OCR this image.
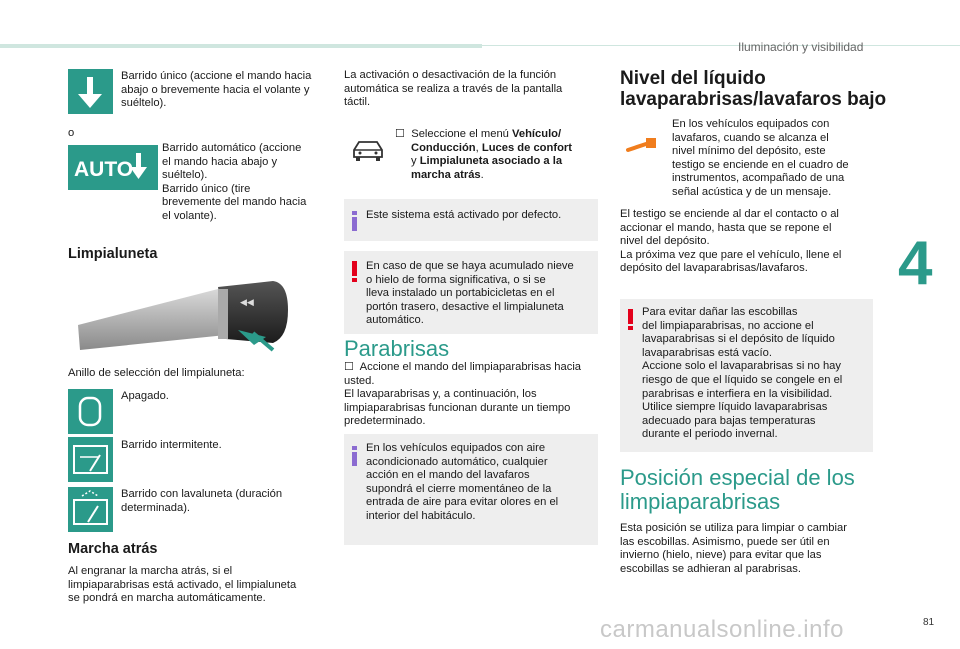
Iluminación y visibilidad
Barrido único (accione el mando hacia abajo o brevemente hacia el volante y suéltelo).
o
AUTO
Barrido automático (accione
el mando hacia abajo y
suéltelo).
Barrido único (tire
brevemente del mando hacia
el volante).
Limpialuneta
◀◀
Anillo de selección del limpialuneta:
Apagado.
Barrido intermitente.
Barrido con lavaluneta (duración determinada).
Marcha atrás
Al engranar la marcha atrás, si el
limpiaparabrisas está activado, el limpialuneta
se pondrá en marcha automáticamente.
La activación o desactivación de la función
automática se realiza a través de la pantalla
táctil.
☐  Seleccione el menú Vehículo/
Conducción, Luces de confort
y Limpialuneta asociado a la
marcha atrás.
Este sistema está activado por defecto.
En caso de que se haya acumulado nieve
o hielo de forma significativa, o si se
lleva instalado un portabicicletas en el
portón trasero, desactive el limpialuneta
automático.
Parabrisas
☐  Accione el mando del limpiaparabrisas hacia usted.
El lavaparabrisas y, a continuación, los
limpiaparabrisas funcionan durante un tiempo
predeterminado.
En los vehículos equipados con aire
acondicionado automático, cualquier
acción en el mando del lavafaros
supondrá el cierre momentáneo de la
entrada de aire para evitar olores en el
interior del habitáculo.
Nivel del líquido
lavaparabrisas/lavafaros bajo
En los vehículos equipados con
lavafaros, cuando se alcanza el
nivel mínimo del depósito, este
testigo se enciende en el cuadro de
instrumentos, acompañado de una
señal acústica y de un mensaje.
El testigo se enciende al dar el contacto o al
accionar el mando, hasta que se repone el
nivel del depósito.
La próxima vez que pare el vehículo, llene el
depósito del lavaparabrisas/lavafaros.
Para evitar dañar las escobillas
del limpiaparabrisas, no accione el
lavaparabrisas si el depósito de líquido
lavaparabrisas está vacío.
Accione solo el lavaparabrisas si no hay
riesgo de que el líquido se congele en el
parabrisas e interfiera en la visibilidad.
Utilice siempre líquido lavaparabrisas
adecuado para bajas temperaturas
durante el periodo invernal.
Posición especial de los
limpiaparabrisas
Esta posición se utiliza para limpiar o cambiar
las escobillas. Asimismo, puede ser útil en
invierno (hielo, nieve) para evitar que las
escobillas se adhieran al parabrisas.
4
carmanualsonline.info	81
